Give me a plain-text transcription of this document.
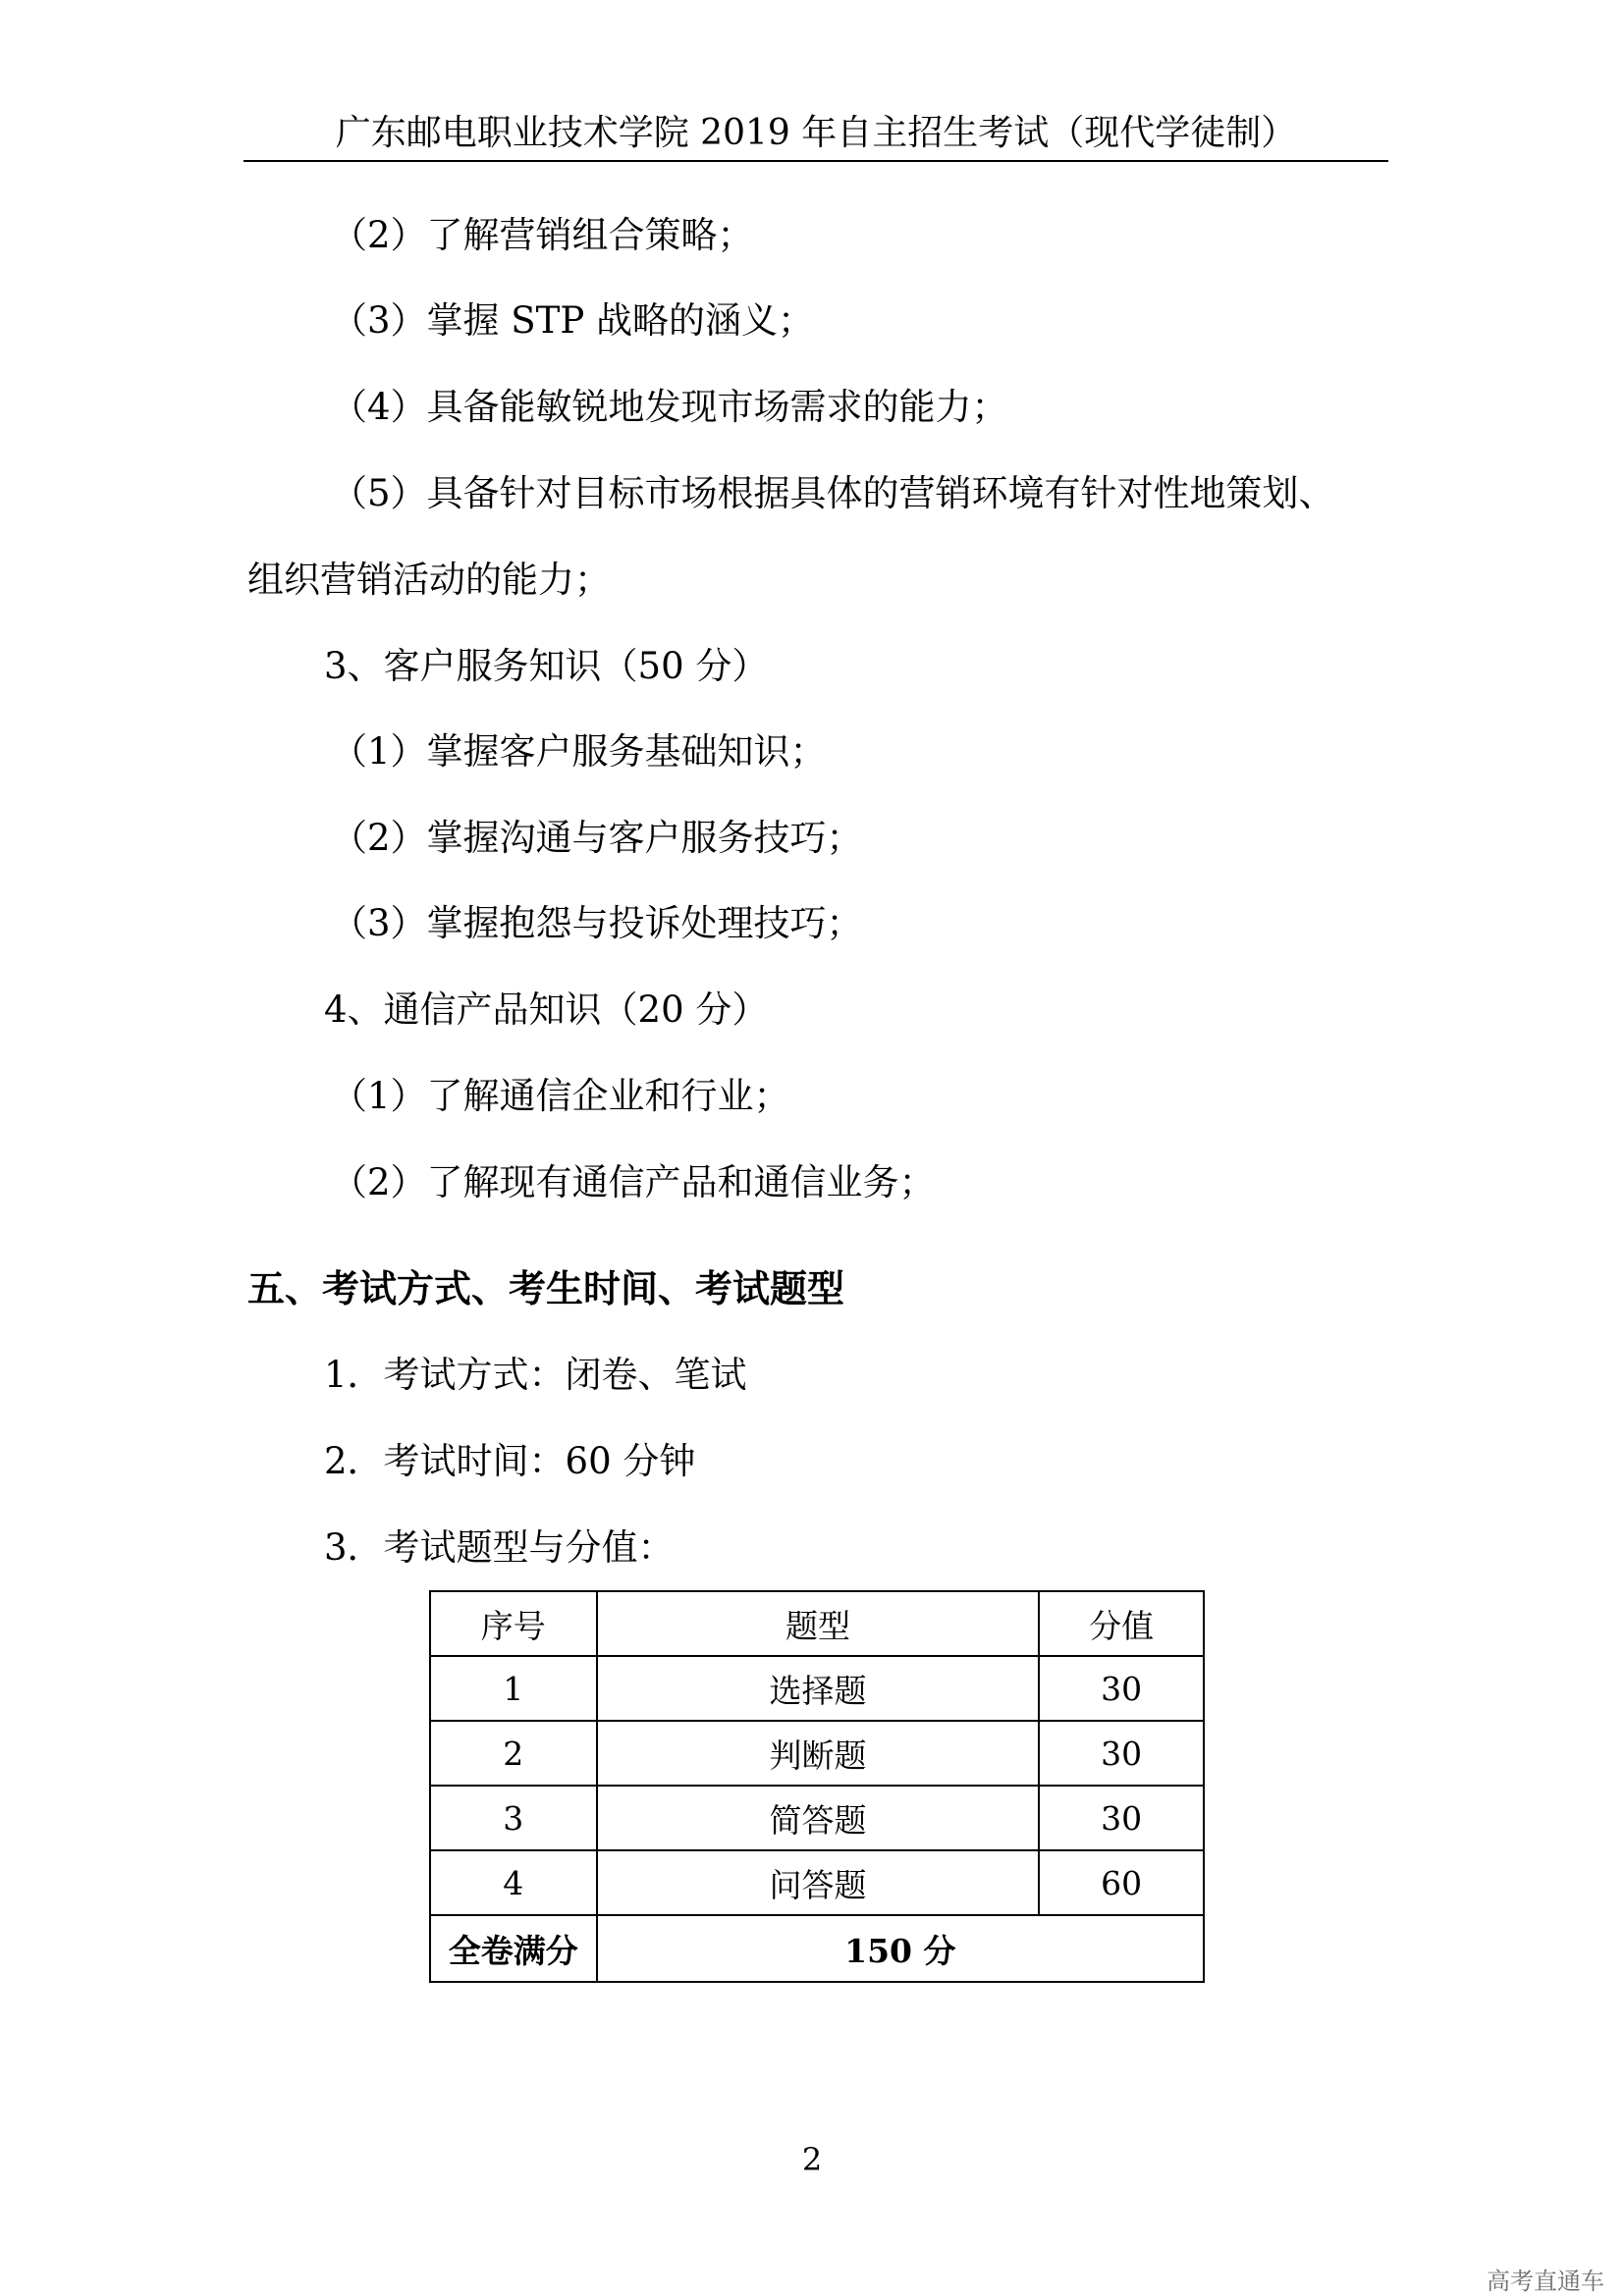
广东邮电职业技术学院 2019 年自主招生考试（现代学徒制）
（2）了解营销组合策略；
（3）掌握 STP 战略的涵义；
（4）具备能敏锐地发现市场需求的能力；
（5）具备针对目标市场根据具体的营销环境有针对性地策划、
组织营销活动的能力；
3、客户服务知识（50 分）
（1）掌握客户服务基础知识；
（2）掌握沟通与客户服务技巧；
（3）掌握抱怨与投诉处理技巧；
4、通信产品知识（20 分）
（1）了解通信企业和行业；
（2）了解现有通信产品和通信业务；
五、考试方式、考生时间、考试题型
1．考试方式：闭卷、笔试
2．考试时间：60 分钟
3．考试题型与分值：
序号	题型	分值
1	选择题	30
2	判断题	30
3	简答题	30
4	问答题	60
全卷满分	150 分	
2
高考直通车
